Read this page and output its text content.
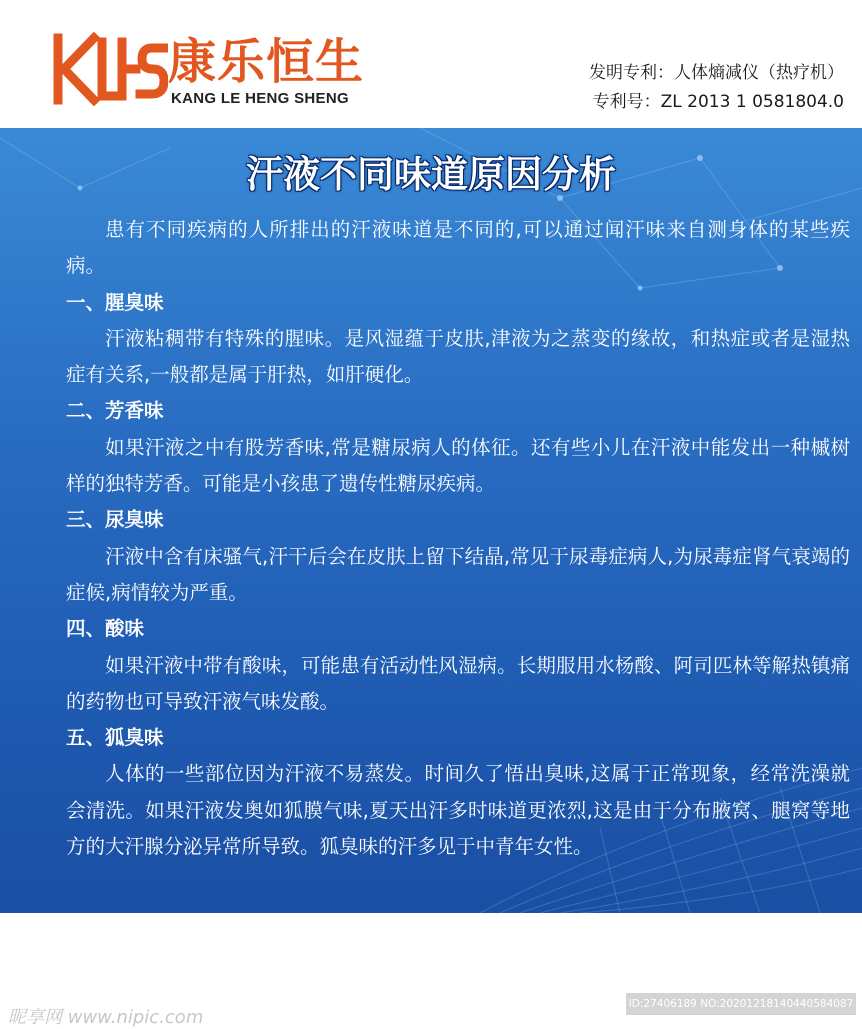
康乐恒生
KANG LE HENG SHENG
发明专利：人体熵减仪（热疗机）
专利号：ZL 2013 1 0581804.0
汗液不同味道原因分析

患有不同疾病的人所排出的汗液味道是不同的,可以通过闻汗味来自测身体的某些疾病。

一、腥臭味

汗液粘稠带有特殊的腥味。是风湿蕴于皮肤,津液为之蒸变的缘故，和热症或者是湿热症有关系,一般都是属于肝热，如肝硬化。

二、芳香味

如果汗液之中有股芳香味,常是糖尿病人的体征。还有些小儿在汗液中能发出一种槭树样的独特芳香。可能是小孩患了遗传性糖尿疾病。

三、尿臭味

汗液中含有床骚气,汗干后会在皮肤上留下结晶,常见于尿毒症病人,为尿毒症肾气衰竭的症候,病情较为严重。

四、酸味

如果汗液中带有酸味，可能患有活动性风湿病。长期服用水杨酸、阿司匹林等解热镇痛的药物也可导致汗液气味发酸。

五、狐臭味

人体的一些部位因为汗液不易蒸发。时间久了悟出臭味,这属于正常现象，经常洗澡就会清洗。如果汗液发奥如狐膜气味,夏天出汗多时味道更浓烈,这是由于分布腋窝、腿窝等地方的大汗腺分泌异常所导致。狐臭味的汗多见于中青年女性。

昵享网 www.nipic.com
ID:27406189 NO:20201218140440584087
